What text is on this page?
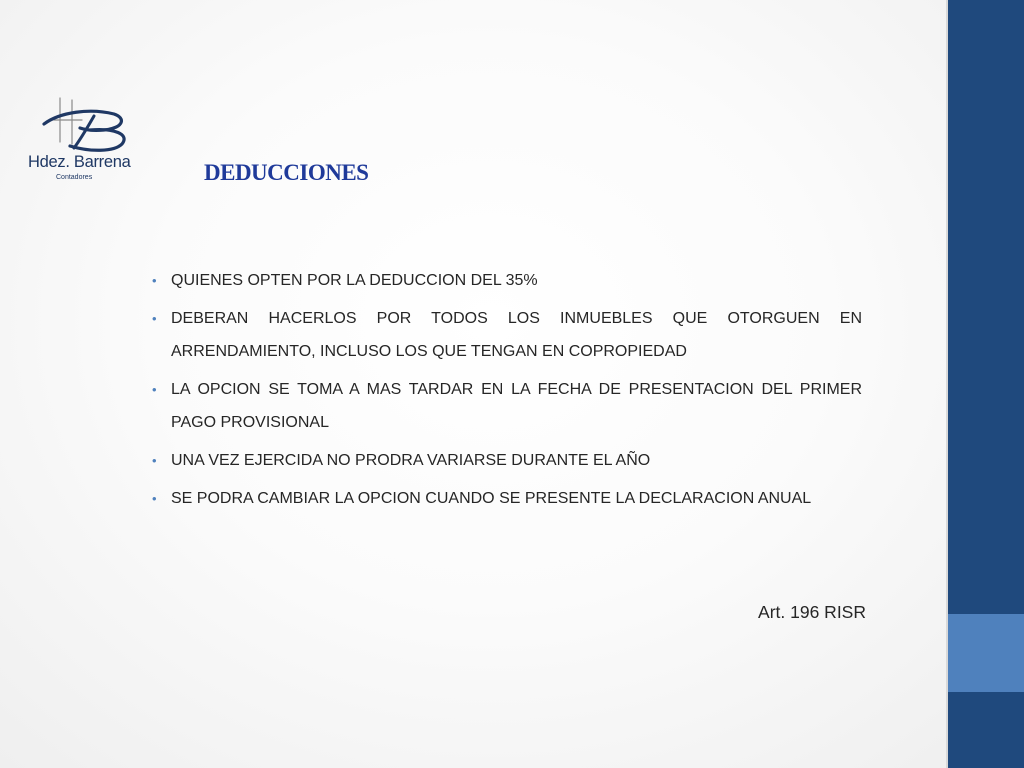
Hdez. Barrena
Contadores	DEDUCCIONES
• QUIENES OPTEN POR LA DEDUCCION DEL 35%
• DEBERAN HACERLOS POR TODOS LOS INMUEBLES QUE OTORGUEN EN ARRENDAMIENTO, INCLUSO LOS QUE TENGAN EN COPROPIEDAD
• LA OPCION SE TOMA A MAS TARDAR EN LA FECHA DE PRESENTACION DEL PRIMER PAGO PROVISIONAL
• UNA VEZ EJERCIDA NO PRODRA VARIARSE DURANTE EL AÑO
• SE PODRA CAMBIAR LA OPCION CUANDO SE PRESENTE LA DECLARACION ANUAL
Art. 196 RISR
